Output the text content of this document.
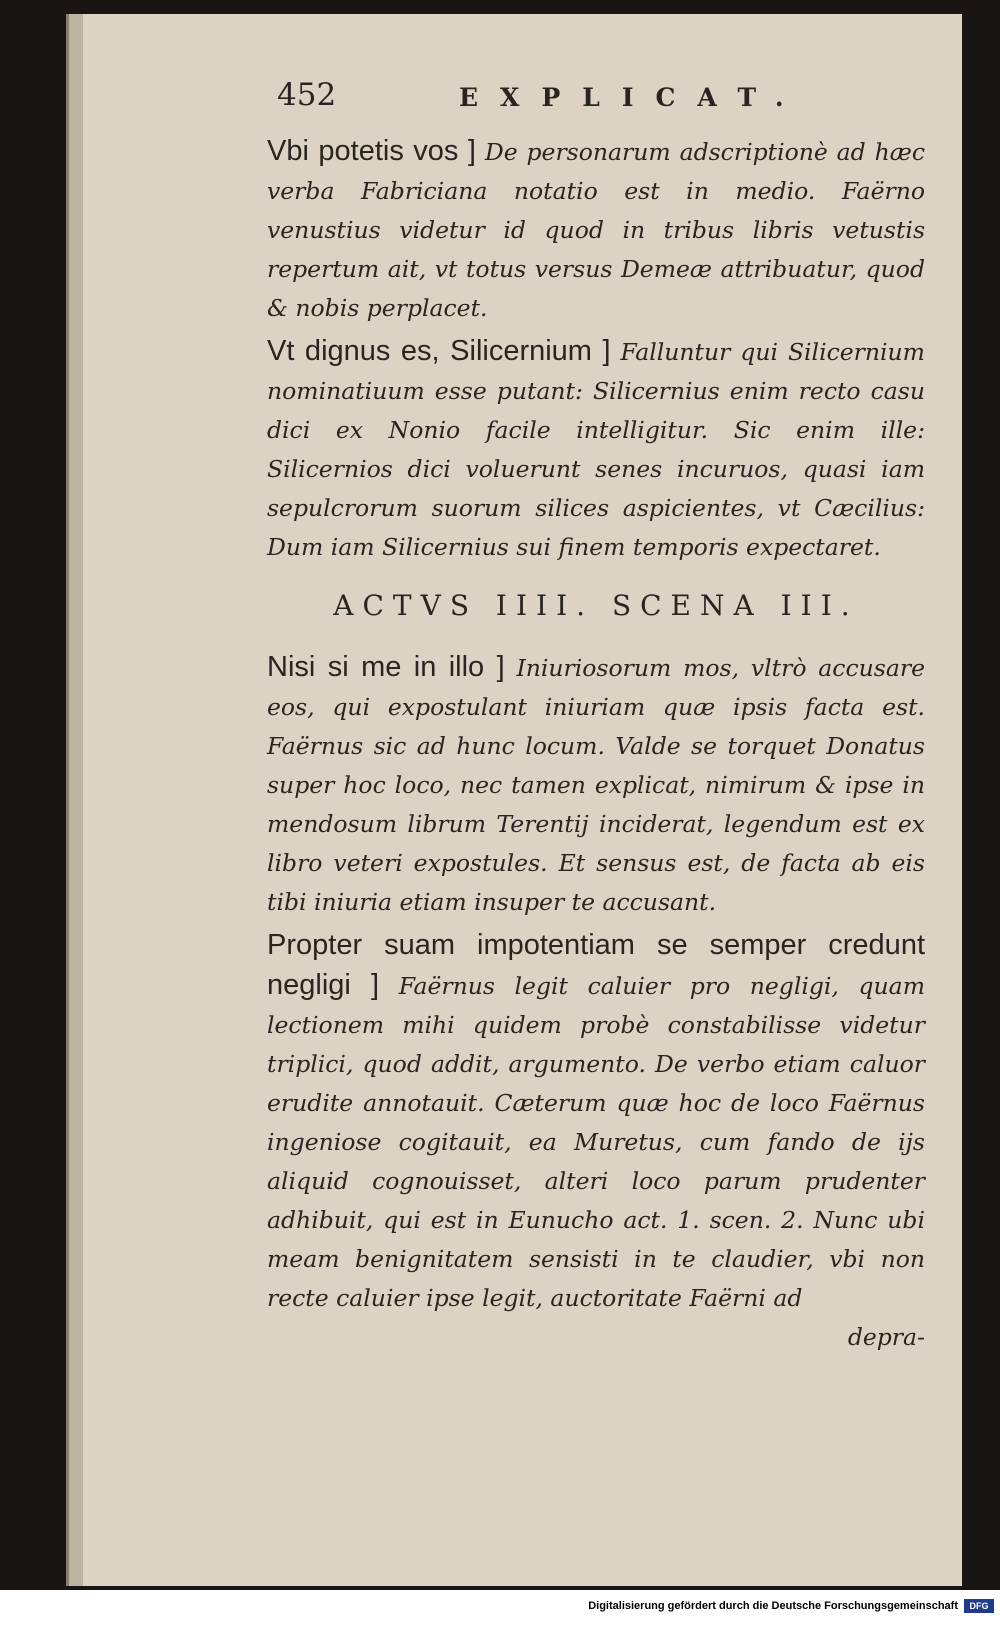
452	EXPLICAT.

Vbi potetis vos ] De personarum adscriptionè ad hæc verba Fabriciana notatio est in medio. Faërno venustius videtur id quod in tribus libris vetustis repertum ait, vt totus versus Demeæ attribuatur, quod & nobis perplacet.

Vt dignus es, Silicernium ] Falluntur qui Silicernium nominatiuum esse putant: Silicernius enim recto casu dici ex Nonio facile intelligitur. Sic enim ille: Silicernios dici voluerunt senes incuruos, quasi iam sepulcrorum suorum silices aspicientes, vt Cæcilius: Dum iam Silicernius sui finem temporis expectaret.

ACTVS IIII. SCENA III.

Nisi si me in illo ] Iniuriosorum mos, vltrò accusare eos, qui expostulant iniuriam quæ ipsis facta est. Faërnus sic ad hunc locum. Valde se torquet Donatus super hoc loco, nec tamen explicat, nimirum & ipse in mendosum librum Terentij inciderat, legendum est ex libro veteri expostules. Et sensus est, de facta ab eis tibi iniuria etiam insuper te accusant.

Propter suam impotentiam se semper credunt negligi ] Faërnus legit caluier pro negligi, quam lectionem mihi quidem probè constabilisse videtur triplici, quod addit, argumento. De verbo etiam caluor erudite annotauit. Cæterum quæ hoc de loco Faërnus ingeniose cogitauit, ea Muretus, cum fando de ijs aliquid cognouisset, alteri loco parum prudenter adhibuit, qui est in Eunucho act. 1. scen. 2. Nunc ubi meam benignitatem sensisti in te claudier, vbi non recte caluier ipse legit, auctoritate Faërni ad

depra-

Digitalisierung gefördert durch die Deutsche Forschungsgemeinschaft	DFG
